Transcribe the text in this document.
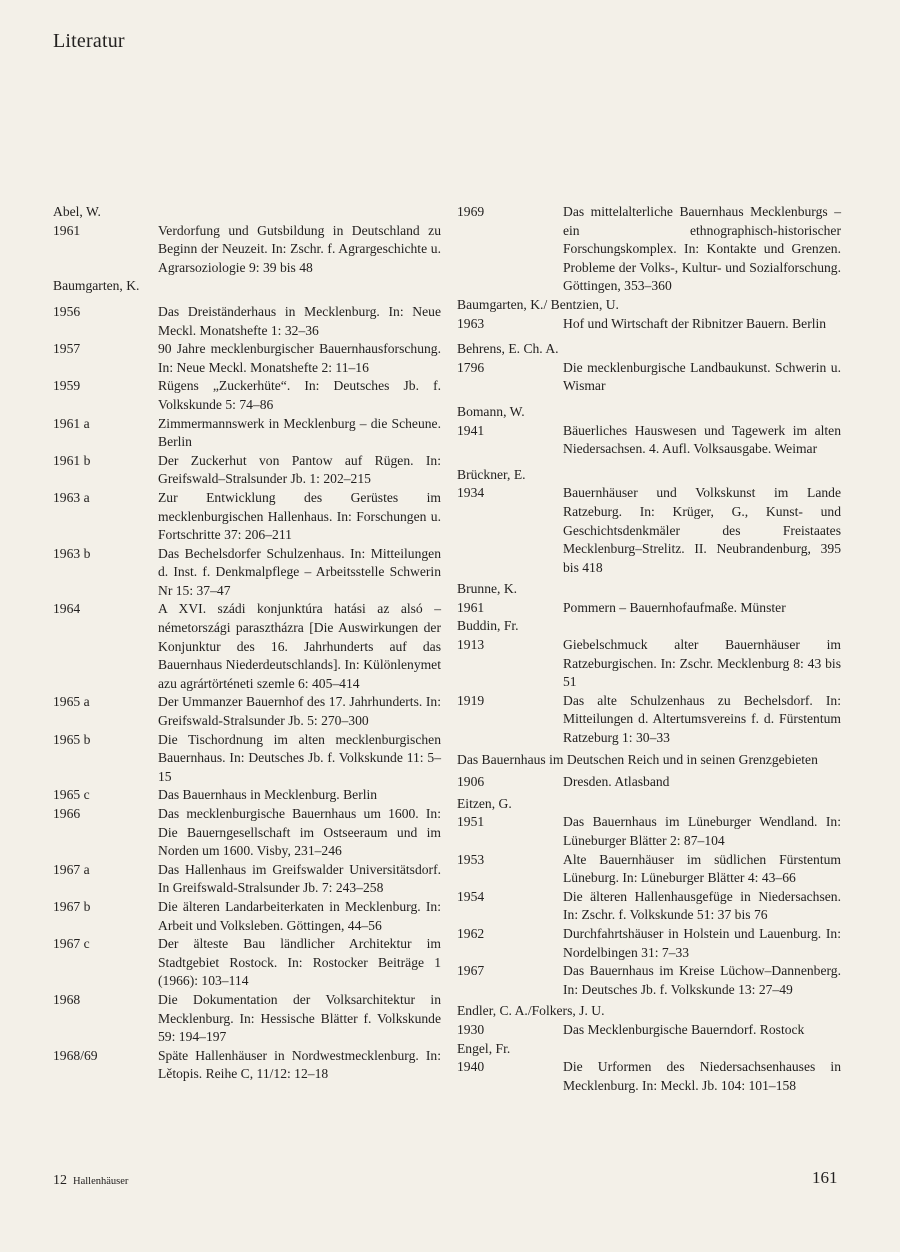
Literatur
Abel, W.
1961	Verdorfung und Gutsbildung in Deutschland zu Beginn der Neuzeit. In: Zschr. f. Agrargeschichte u. Agrarsoziologie 9: 39 bis 48
Baumgarten, K.
1956	Das Dreiständerhaus in Mecklenburg. In: Neue Meckl. Monatshefte 1: 32–36
1957	90 Jahre mecklenburgischer Bauernhausforschung. In: Neue Meckl. Monatshefte 2: 11–16
1959	Rügens „Zuckerhüte“. In: Deutsches Jb. f. Volkskunde 5: 74–86
1961 a	Zimmermannswerk in Mecklenburg – die Scheune. Berlin
1961 b	Der Zuckerhut von Pantow auf Rügen. In: Greifswald–Stralsunder Jb. 1: 202–215
1963 a	Zur Entwicklung des Gerüstes im mecklenburgischen Hallenhaus. In: Forschungen u. Fortschritte 37: 206–211
1963 b	Das Bechelsdorfer Schulzenhaus. In: Mitteilungen d. Inst. f. Denkmalpflege – Arbeitsstelle Schwerin Nr 15: 37–47
1964	A XVI. szádi konjunktúra hatási az alsó – németországi parasztházra [Die Auswirkungen der Konjunktur des 16. Jahrhunderts auf das Bauernhaus Niederdeutschlands]. In: Különlenymet azu agrártörténeti szemle 6: 405–414
1965 a	Der Ummanzer Bauernhof des 17. Jahrhunderts. In: Greifswald-Stralsunder Jb. 5: 270–300
1965 b	Die Tischordnung im alten mecklenburgischen Bauernhaus. In: Deutsches Jb. f. Volkskunde 11: 5–15
1965 c	Das Bauernhaus in Mecklenburg. Berlin
1966	Das mecklenburgische Bauernhaus um 1600. In: Die Bauerngesellschaft im Ostseeraum und im Norden um 1600. Visby, 231–246
1967 a	Das Hallenhaus im Greifswalder Universitätsdorf. In Greifswald-Stralsunder Jb. 7: 243–258
1967 b	Die älteren Landarbeiterkaten in Mecklenburg. In: Arbeit und Volksleben. Göttingen, 44–56
1967 c	Der älteste Bau ländlicher Architektur im Stadtgebiet Rostock. In: Rostocker Beiträge 1 (1966): 103–114
1968	Die Dokumentation der Volksarchitektur in Mecklenburg. In: Hessische Blätter f. Volkskunde 59: 194–197
1968/69	Späte Hallenhäuser in Nordwestmecklenburg. In: Lětopis. Reihe C, 11/12: 12–18
1969	Das mittelalterliche Bauernhaus Mecklenburgs – ein ethnographisch-historischer Forschungskomplex. In: Kontakte und Grenzen. Probleme der Volks-, Kultur- und Sozialforschung. Göttingen, 353–360
Baumgarten, K./ Bentzien, U.
1963	Hof und Wirtschaft der Ribnitzer Bauern. Berlin
Behrens, E. Ch. A.
1796	Die mecklenburgische Landbaukunst. Schwerin u. Wismar
Bomann, W.
1941	Bäuerliches Hauswesen und Tagewerk im alten Niedersachsen. 4. Aufl. Volksausgabe. Weimar
Brückner, E.
1934	Bauernhäuser und Volkskunst im Lande Ratzeburg. In: Krüger, G., Kunst- und Geschichtsdenkmäler des Freistaates Mecklenburg–Strelitz. II. Neubrandenburg, 395 bis 418
Brunne, K.
1961	Pommern – Bauernhofaufmaße. Münster
Buddin, Fr.
1913	Giebelschmuck alter Bauernhäuser im Ratzeburgischen. In: Zschr. Mecklenburg 8: 43 bis 51
1919	Das alte Schulzenhaus zu Bechelsdorf. In: Mitteilungen d. Altertumsvereins f. d. Fürstentum Ratzeburg 1: 30–33
Das Bauernhaus im Deutschen Reich und in seinen Grenzgebieten
1906	Dresden. Atlasband
Eitzen, G.
1951	Das Bauernhaus im Lüneburger Wendland. In: Lüneburger Blätter 2: 87–104
1953	Alte Bauernhäuser im südlichen Fürstentum Lüneburg. In: Lüneburger Blätter 4: 43–66
1954	Die älteren Hallenhausgefüge in Niedersachsen. In: Zschr. f. Volkskunde 51: 37 bis 76
1962	Durchfahrtshäuser in Holstein und Lauenburg. In: Nordelbingen 31: 7–33
1967	Das Bauernhaus im Kreise Lüchow–Dannenberg. In: Deutsches Jb. f. Volkskunde 13: 27–49
Endler, C. A./Folkers, J. U.
1930	Das Mecklenburgische Bauerndorf. Rostock
Engel, Fr.
1940	Die Urformen des Niedersachsenhauses in Mecklenburg. In: Meckl. Jb. 104: 101–158
12 Hallenhäuser	161
